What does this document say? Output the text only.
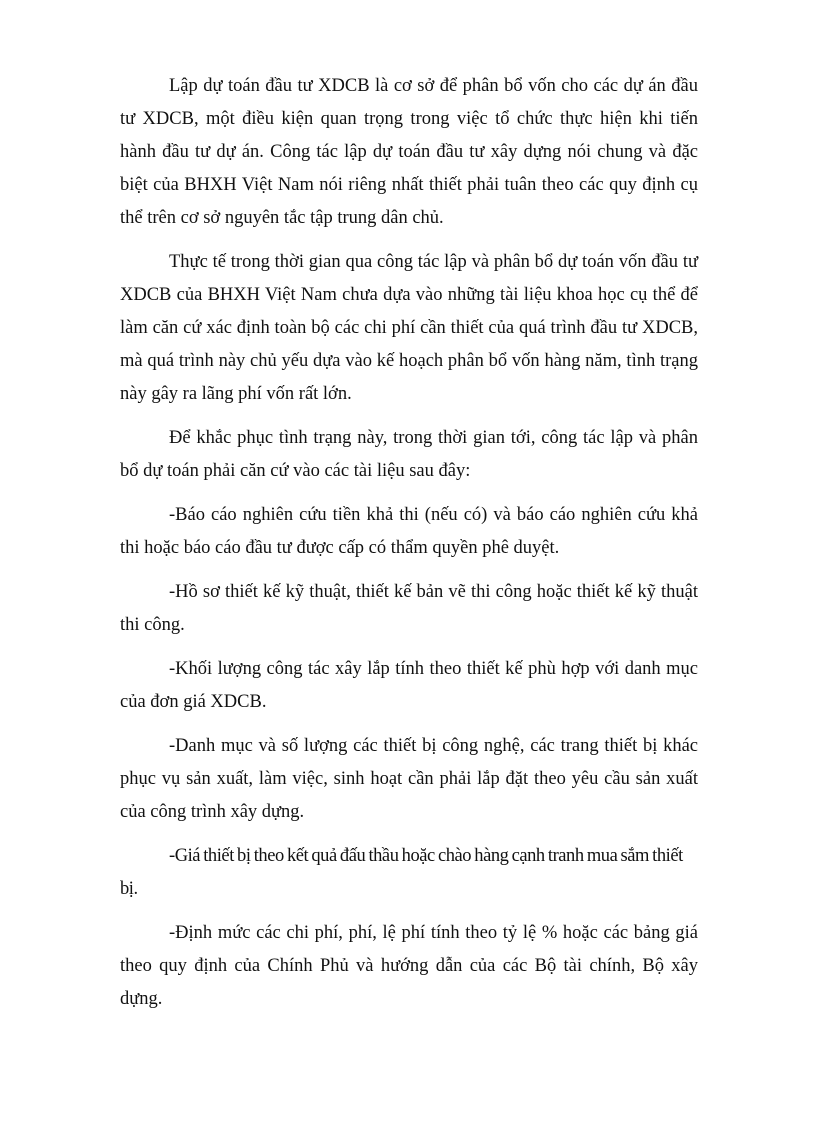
Lập dự toán đầu tư XDCB là cơ sở để phân bổ vốn cho các dự án đầu tư XDCB, một điều kiện quan trọng trong việc tổ chức thực hiện khi tiến hành đầu tư dự án. Công tác lập dự toán đầu tư xây dựng nói chung và đặc biệt của BHXH Việt Nam nói riêng nhất thiết phải tuân theo các quy định cụ thể trên cơ sở nguyên tắc tập trung dân chủ.

Thực tế trong thời gian qua công tác lập và phân bổ dự toán vốn đầu tư XDCB của BHXH Việt Nam chưa dựa vào những tài liệu khoa học cụ thể để làm căn cứ xác định toàn bộ các chi phí cần thiết của quá trình đầu tư XDCB, mà quá trình này chủ yếu dựa vào kế hoạch phân bổ vốn hàng năm, tình trạng này gây ra lãng phí vốn rất lớn.

Để khắc phục tình trạng này, trong thời gian tới, công tác lập và phân bổ dự toán phải căn cứ vào các tài liệu sau đây:

-Báo cáo nghiên cứu tiền khả thi (nếu có) và báo cáo nghiên cứu khả thi hoặc báo cáo đầu tư được cấp có thẩm quyền phê duyệt.

-Hồ sơ thiết kế kỹ thuật, thiết kế bản vẽ thi công hoặc thiết kế kỹ thuật thi công.

-Khối lượng công tác xây lắp tính theo thiết kế phù hợp với danh mục của đơn giá XDCB.

-Danh mục và số lượng các thiết bị công nghệ, các trang thiết bị khác phục vụ sản xuất, làm việc, sinh hoạt cần phải lắp đặt theo yêu cầu sản xuất của công trình xây dựng.

-Giá thiết bị theo kết quả đấu thầu hoặc chào hàng cạnh tranh mua sắm thiết bị.

-Định mức các chi phí, phí, lệ phí tính theo tỷ lệ % hoặc các bảng giá theo quy định của Chính Phủ và hướng dẫn của các Bộ tài chính, Bộ xây dựng.
